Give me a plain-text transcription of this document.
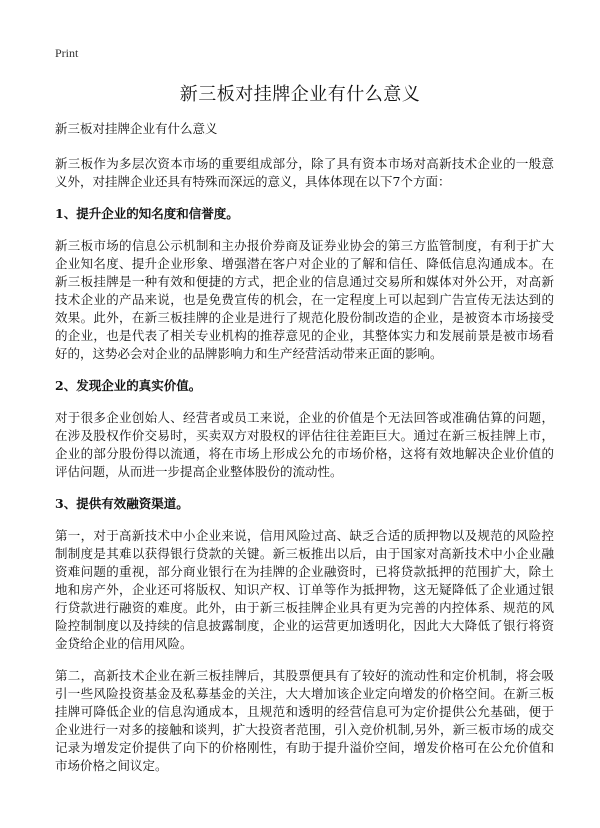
Print
新三板对挂牌企业有什么意义

新三板对挂牌企业有什么意义

新三板作为多层次资本市场的重要组成部分，除了具有资本市场对高新技术企业的一般意义外，对挂牌企业还具有特殊而深远的意义，具体体现在以下7个方面：

1、提升企业的知名度和信誉度。

新三板市场的信息公示机制和主办报价券商及证券业协会的第三方监管制度，有利于扩大企业知名度、提升企业形象、增强潜在客户对企业的了解和信任、降低信息沟通成本。在新三板挂牌是一种有效和便捷的方式，把企业的信息通过交易所和媒体对外公开，对高新技术企业的产品来说，也是免费宣传的机会，在一定程度上可以起到广告宣传无法达到的效果。此外，在新三板挂牌的企业是进行了规范化股份制改造的企业，是被资本市场接受的企业，也是代表了相关专业机构的推荐意见的企业，其整体实力和发展前景是被市场看好的，这势必会对企业的品牌影响力和生产经营活动带来正面的影响。

2、发现企业的真实价值。

对于很多企业创始人、经营者或员工来说，企业的价值是个无法回答或准确估算的问题，在涉及股权作价交易时，买卖双方对股权的评估往往差距巨大。通过在新三板挂牌上市，企业的部分股份得以流通，将在市场上形成公允的市场价格，这将有效地解决企业价值的评估问题，从而进一步提高企业整体股份的流动性。

3、提供有效融资渠道。

第一，对于高新技术中小企业来说，信用风险过高、缺乏合适的质押物以及规范的风险控制制度是其难以获得银行贷款的关键。新三板推出以后，由于国家对高新技术中小企业融资难问题的重视，部分商业银行在为挂牌的企业融资时，已将贷款抵押的范围扩大，除土地和房产外，企业还可将版权、知识产权、订单等作为抵押物，这无疑降低了企业通过银行贷款进行融资的难度。此外，由于新三板挂牌企业具有更为完善的内控体系、规范的风险控制制度以及持续的信息披露制度，企业的运营更加透明化，因此大大降低了银行将资金贷给企业的信用风险。

第二，高新技术企业在新三板挂牌后，其股票便具有了较好的流动性和定价机制，将会吸引一些风险投资基金及私募基金的关注，大大增加该企业定向增发的价格空间。在新三板挂牌可降低企业的信息沟通成本，且规范和透明的经营信息可为定价提供公允基础，便于企业进行一对多的接触和谈判，扩大投资者范围，引入竞价机制,另外，新三板市场的成交记录为增发定价提供了向下的价格刚性，有助于提升溢价空间，增发价格可在公允价值和市场价格之间议定。
